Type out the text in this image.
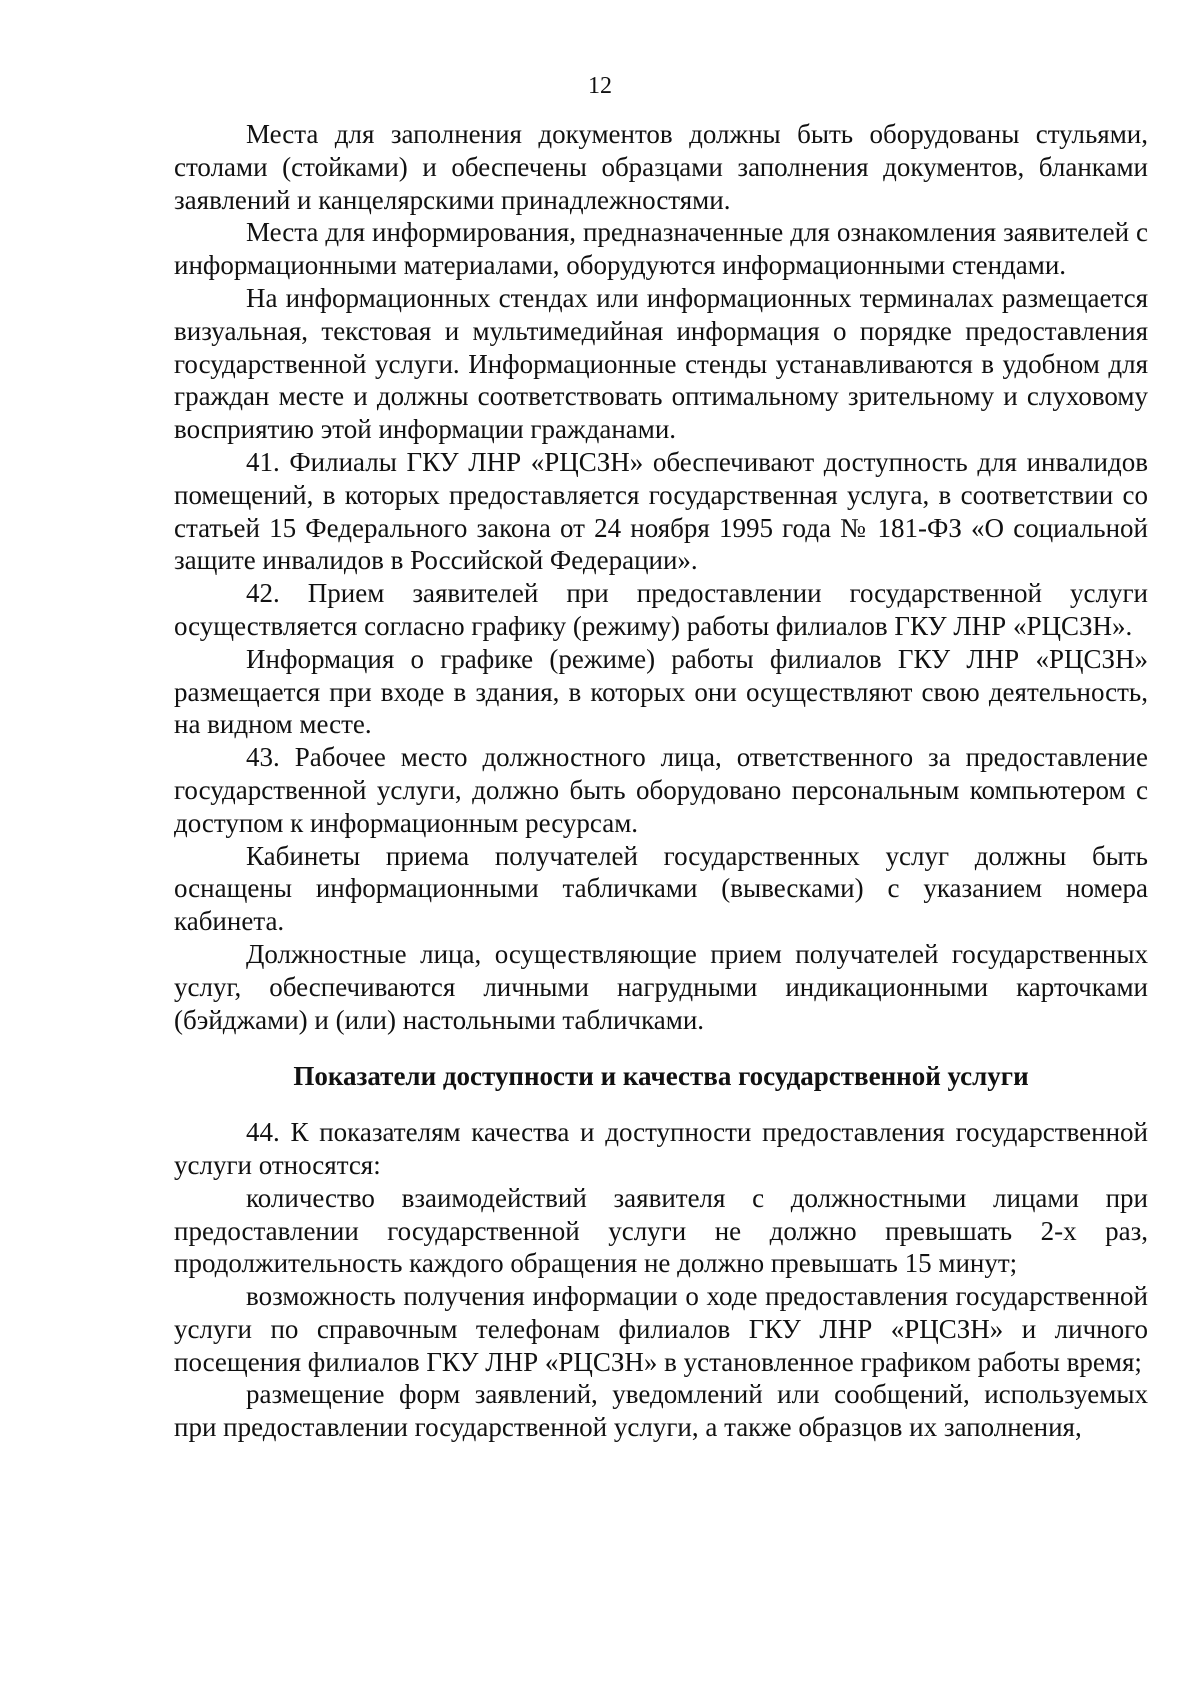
12

Места для заполнения документов должны быть оборудованы стульями, столами (стойками) и обеспечены образцами заполнения документов, бланками заявлений и канцелярскими принадлежностями.

Места для информирования, предназначенные для ознакомления заявителей с информационными материалами, оборудуются информационными стендами.

На информационных стендах или информационных терминалах размещается визуальная, текстовая и мультимедийная информация о порядке предоставления государственной услуги. Информационные стенды устанавливаются в удобном для граждан месте и должны соответствовать оптимальному зрительному и слуховому восприятию этой информации гражданами.

41. Филиалы ГКУ ЛНР «РЦСЗН» обеспечивают доступность для инвалидов помещений, в которых предоставляется государственная услуга, в соответствии со статьей 15 Федерального закона от 24 ноября 1995 года № 181-ФЗ «О социальной защите инвалидов в Российской Федерации».

42. Прием заявителей при предоставлении государственной услуги осуществляется согласно графику (режиму) работы филиалов ГКУ ЛНР «РЦСЗН».

Информация о графике (режиме) работы филиалов ГКУ ЛНР «РЦСЗН» размещается при входе в здания, в которых они осуществляют свою деятельность, на видном месте.

43. Рабочее место должностного лица, ответственного за предоставление государственной услуги, должно быть оборудовано персональным компьютером с доступом к информационным ресурсам.

Кабинеты приема получателей государственных услуг должны быть оснащены информационными табличками (вывесками) с указанием номера кабинета.

Должностные лица, осуществляющие прием получателей государственных услуг, обеспечиваются личными нагрудными индикационными карточками (бэйджами) и (или) настольными табличками.

Показатели доступности и качества государственной услуги

44. К показателям качества и доступности предоставления государственной услуги относятся:

количество взаимодействий заявителя с должностными лицами при предоставлении государственной услуги не должно превышать 2-х раз, продолжительность каждого обращения не должно превышать 15 минут;

возможность получения информации о ходе предоставления государственной услуги по справочным телефонам филиалов ГКУ ЛНР «РЦСЗН» и личного посещения филиалов ГКУ ЛНР «РЦСЗН» в установленное графиком работы время;

размещение форм заявлений, уведомлений или сообщений, используемых при предоставлении государственной услуги, а также образцов их заполнения,
